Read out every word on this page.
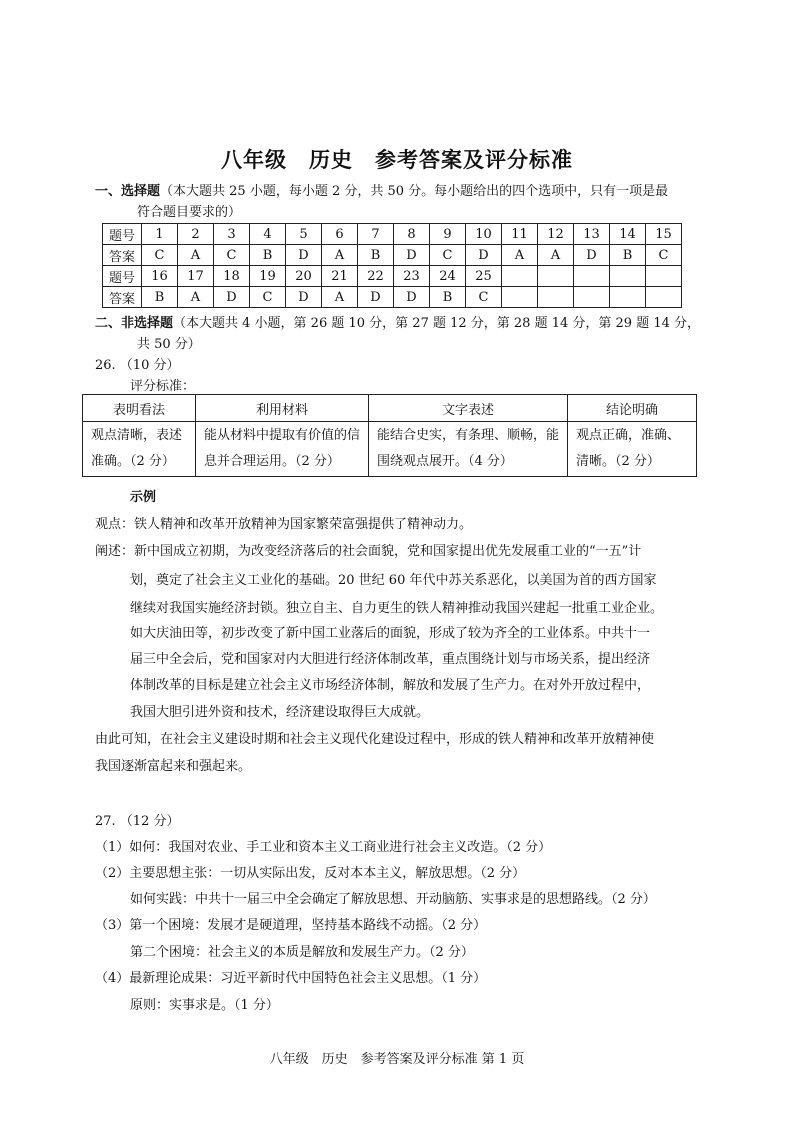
八年级　历史　参考答案及评分标准
一、选择题（本大题共 25 小题，每小题 2 分，共 50 分。每小题给出的四个选项中，只有一项是最
符合题目要求的）
题号	1	2	3	4	5	6	7	8	9	10	11	12	13	14	15
答案	C	A	C	B	D	A	B	D	C	D	A	A	D	B	C
题号	16	17	18	19	20	21	22	23	24	25					
答案	B	A	D	C	D	A	D	D	B	C					
二、非选择题（本大题共 4 小题，第 26 题 10 分，第 27 题 12 分，第 28 题 14 分，第 29 题 14 分，
共 50 分）
26. （10 分）
评分标准：
表明看法	利用材料	文字表述	结论明确
观点清晰，表述准确。（2 分）	能从材料中提取有价值的信息并合理运用。（2 分）	能结合史实，有条理、顺畅，能围绕观点展开。（4 分）	观点正确，准确、清晰。（2 分）
示例
观点：铁人精神和改革开放精神为国家繁荣富强提供了精神动力。
阐述：新中国成立初期，为改变经济落后的社会面貌，党和国家提出优先发展重工业的“一五”计
划，奠定了社会主义工业化的基础。20 世纪 60 年代中苏关系恶化，以美国为首的西方国家
继续对我国实施经济封锁。独立自主、自力更生的铁人精神推动我国兴建起一批重工业企业。
如大庆油田等，初步改变了新中国工业落后的面貌，形成了较为齐全的工业体系。中共十一
届三中全会后，党和国家对内大胆进行经济体制改革，重点围绕计划与市场关系，提出经济
体制改革的目标是建立社会主义市场经济体制，解放和发展了生产力。在对外开放过程中，
我国大胆引进外资和技术，经济建设取得巨大成就。
由此可知，在社会主义建设时期和社会主义现代化建设过程中，形成的铁人精神和改革开放精神使
我国逐渐富起来和强起来。
27. （12 分）
（1）如何：我国对农业、手工业和资本主义工商业进行社会主义改造。（2 分）
（2）主要思想主张：一切从实际出发，反对本本主义，解放思想。（2 分）
如何实践：中共十一届三中全会确定了解放思想、开动脑筋、实事求是的思想路线。（2 分）
（3）第一个困境：发展才是硬道理，坚持基本路线不动摇。（2 分）
第二个困境：社会主义的本质是解放和发展生产力。（2 分）
（4）最新理论成果：习近平新时代中国特色社会主义思想。（1 分）
原则：实事求是。（1 分）
八年级　历史　参考答案及评分标准 第 1 页
